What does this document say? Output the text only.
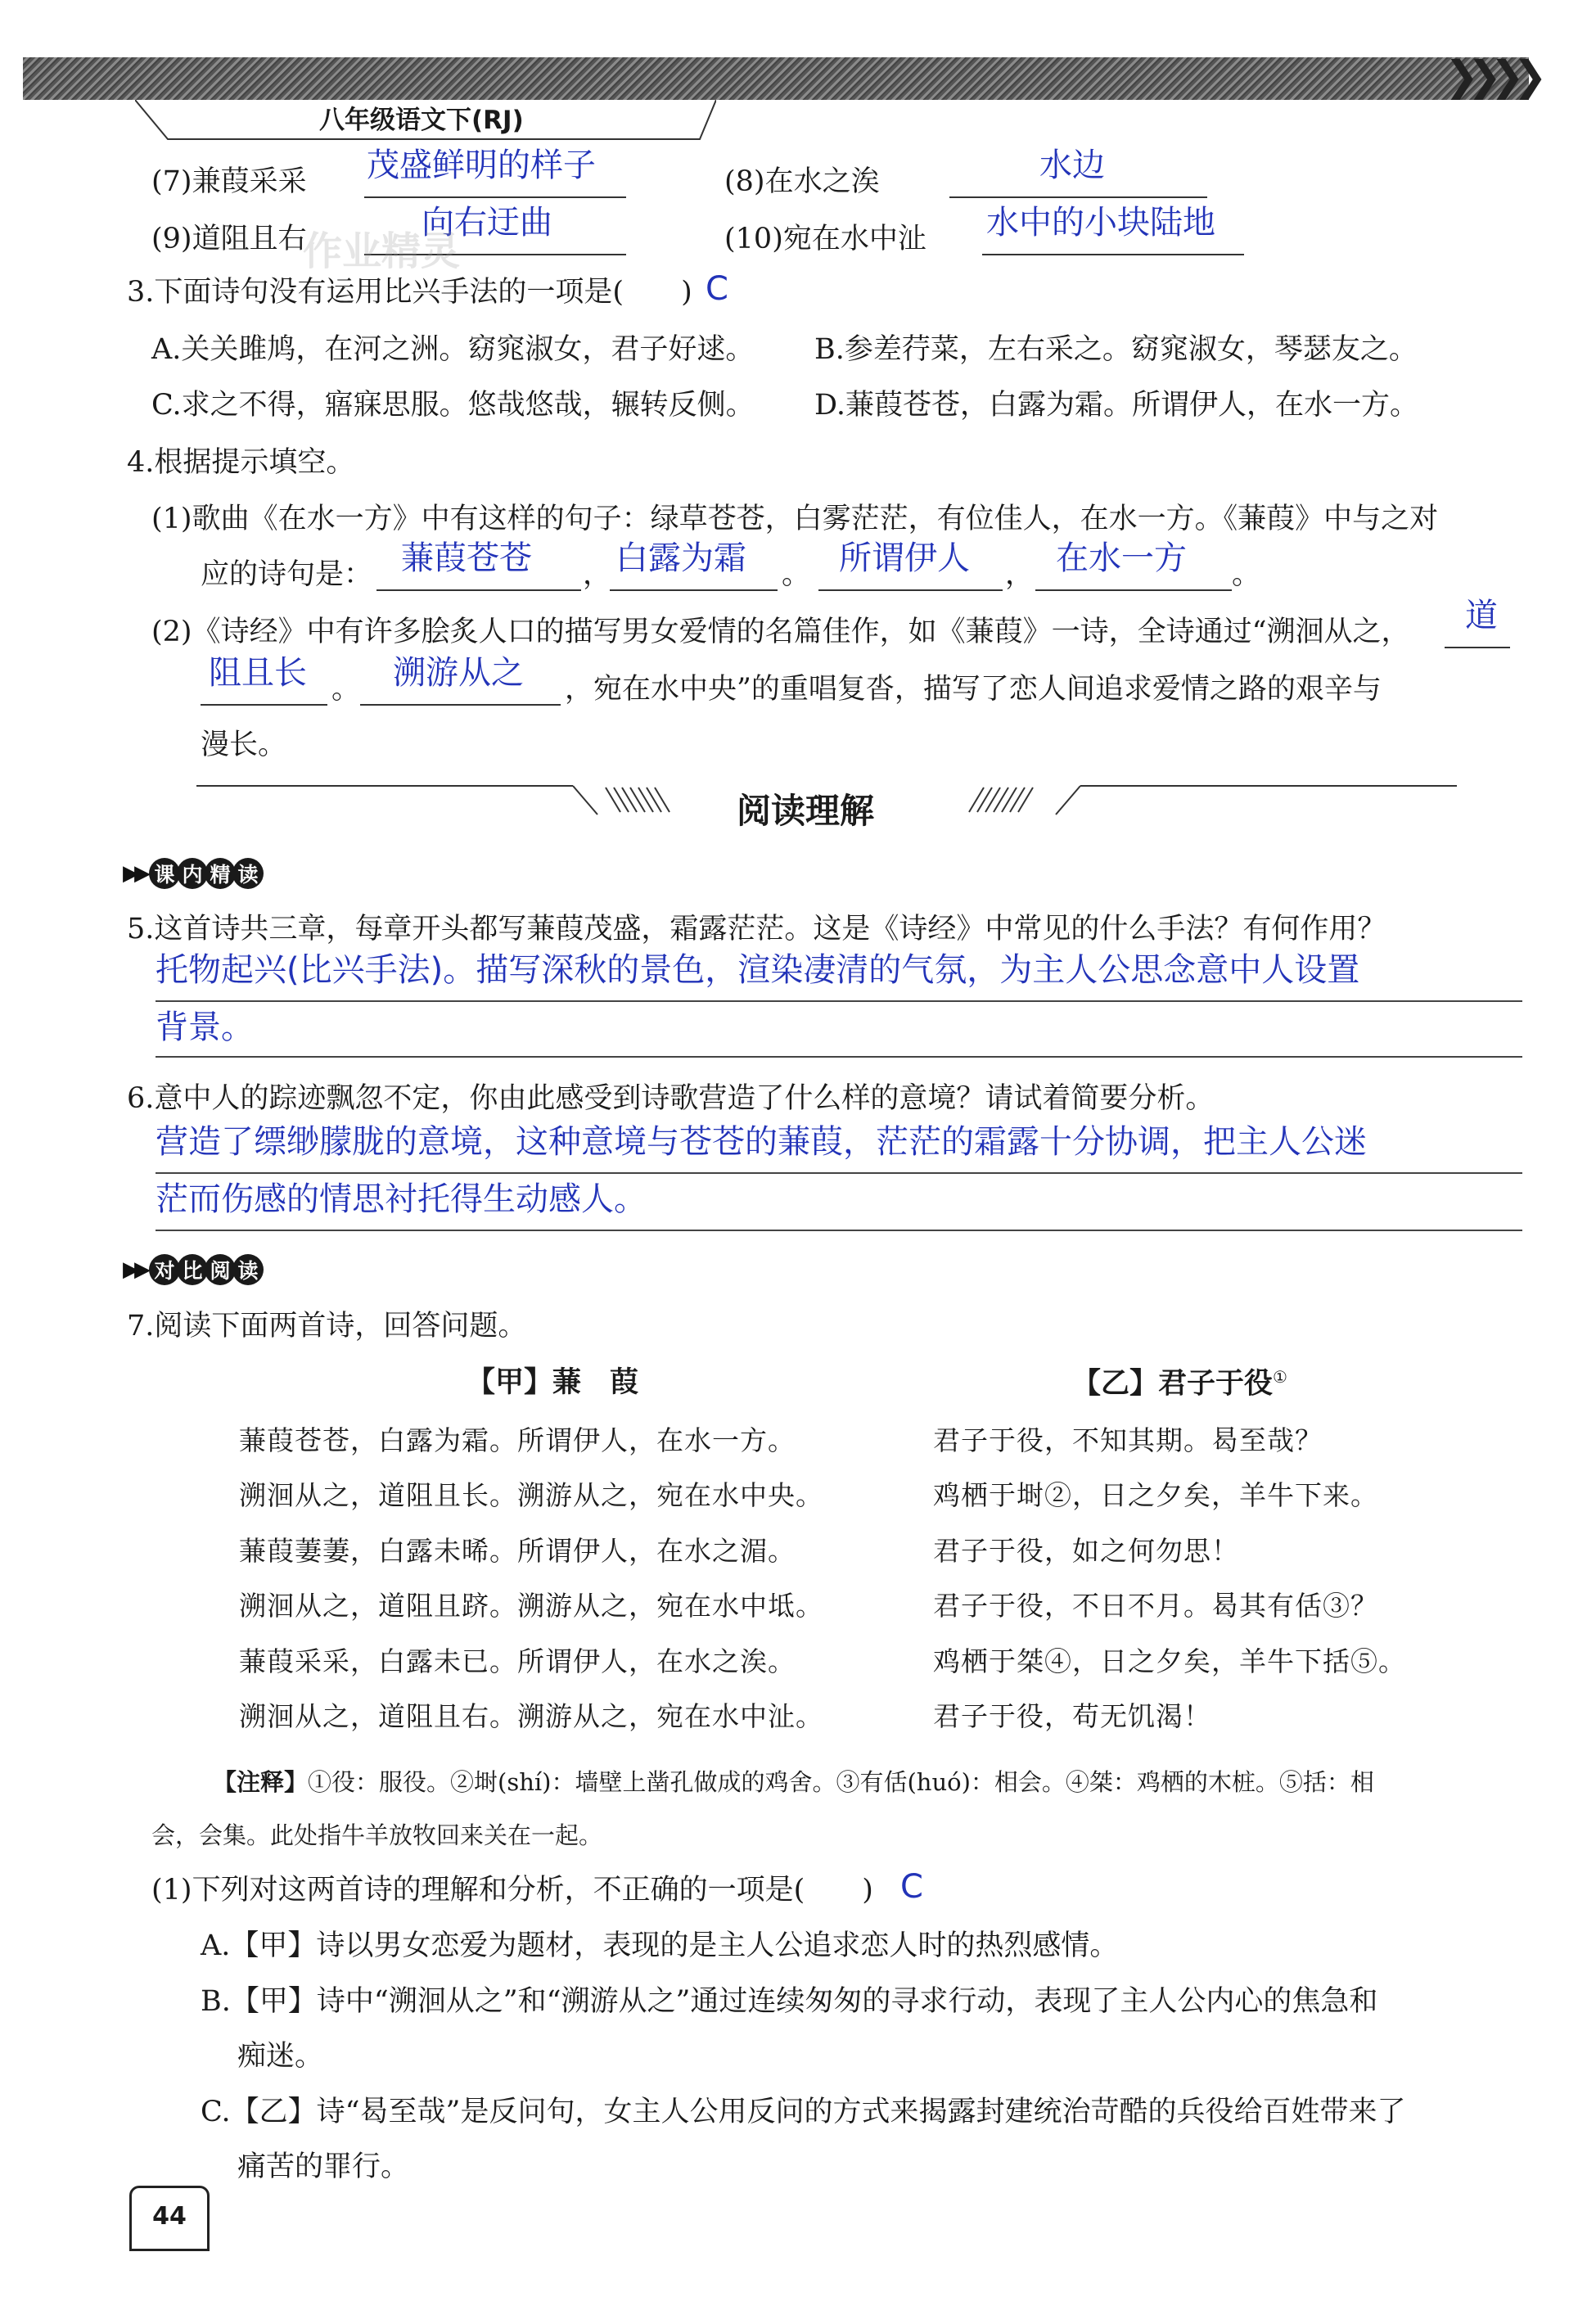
❯❯❯❯
八年级语文下(RJ)
(7)兼葭采采 茂盛鲜明的样子	(8)在水之涘	水边
(9)道阻且右	向右迂曲	(10)宛在水中沚 水中的小块陆地
作业精灵
3.下面诗句没有运用比兴手法的一项是( ) C
A.关关雎鸠，在河之洲。窈窕淑女，君子好逑。 B.参差荇菜，左右采之。窈窕淑女，琴瑟友之。
C.求之不得，寤寐思服。悠哉悠哉，辗转反侧。 D.蒹葭苍苍，白露为霜。所谓伊人，在水一方。
4.根据提示填空。
(1)歌曲《在水一方》中有这样的句子：绿草苍苍，白雾茫茫，有位佳人，在水一方。《蒹葭》中与之对
应的诗句是： 蒹葭苍苍 ， 白露为霜 。 所谓伊人 ， 在水一方 。
(2)《诗经》中有许多脍炙人口的描写男女爱情的名篇佳作，如《蒹葭》一诗，全诗通过“溯洄从之， 道
阻且长 。 溯游从之 ，宛在水中央”的重唱复沓，描写了恋人间追求爱情之路的艰辛与
漫长。
阅读理解
▶▶ 课 内 精 读
5.这首诗共三章，每章开头都写蒹葭茂盛，霜露茫茫。这是《诗经》中常见的什么手法？有何作用？
托物起兴(比兴手法)。描写深秋的景色，渲染凄清的气氛，为主人公思念意中人设置
背景。
6.意中人的踪迹飘忽不定，你由此感受到诗歌营造了什么样的意境？请试着简要分析。
营造了缥缈朦胧的意境，这种意境与苍苍的蒹葭，茫茫的霜露十分协调，把主人公迷
茫而伤感的情思衬托得生动感人。
▶▶ 对 比 阅 读
7.阅读下面两首诗，回答问题。
【甲】蒹　葭	【乙】君子于役①
蒹葭苍苍，白露为霜。所谓伊人，在水一方。
溯洄从之，道阻且长。溯游从之，宛在水中央。
蒹葭萋萋，白露未晞。所谓伊人，在水之湄。
溯洄从之，道阻且跻。溯游从之，宛在水中坻。
蒹葭采采，白露未已。所谓伊人，在水之涘。
溯洄从之，道阻且右。溯游从之，宛在水中沚。
君子于役，不知其期。曷至哉？
鸡栖于埘②，日之夕矣，羊牛下来。
君子于役，如之何勿思！
君子于役，不日不月。曷其有佸③？
鸡栖于桀④，日之夕矣，羊牛下括⑤。
君子于役，苟无饥渴！
【注释】①役：服役。②埘(shí)：墙壁上凿孔做成的鸡舍。③有佸(huó)：相会。④桀：鸡栖的木桩。⑤括：相
会，会集。此处指牛羊放牧回来关在一起。
(1)下列对这两首诗的理解和分析，不正确的一项是( ) C
A.【甲】诗以男女恋爱为题材，表现的是主人公追求恋人时的热烈感情。
B.【甲】诗中“溯洄从之”和“溯游从之”通过连续匆匆的寻求行动，表现了主人公内心的焦急和
痴迷。
C.【乙】诗“曷至哉”是反问句，女主人公用反问的方式来揭露封建统治苛酷的兵役给百姓带来了
痛苦的罪行。
44
